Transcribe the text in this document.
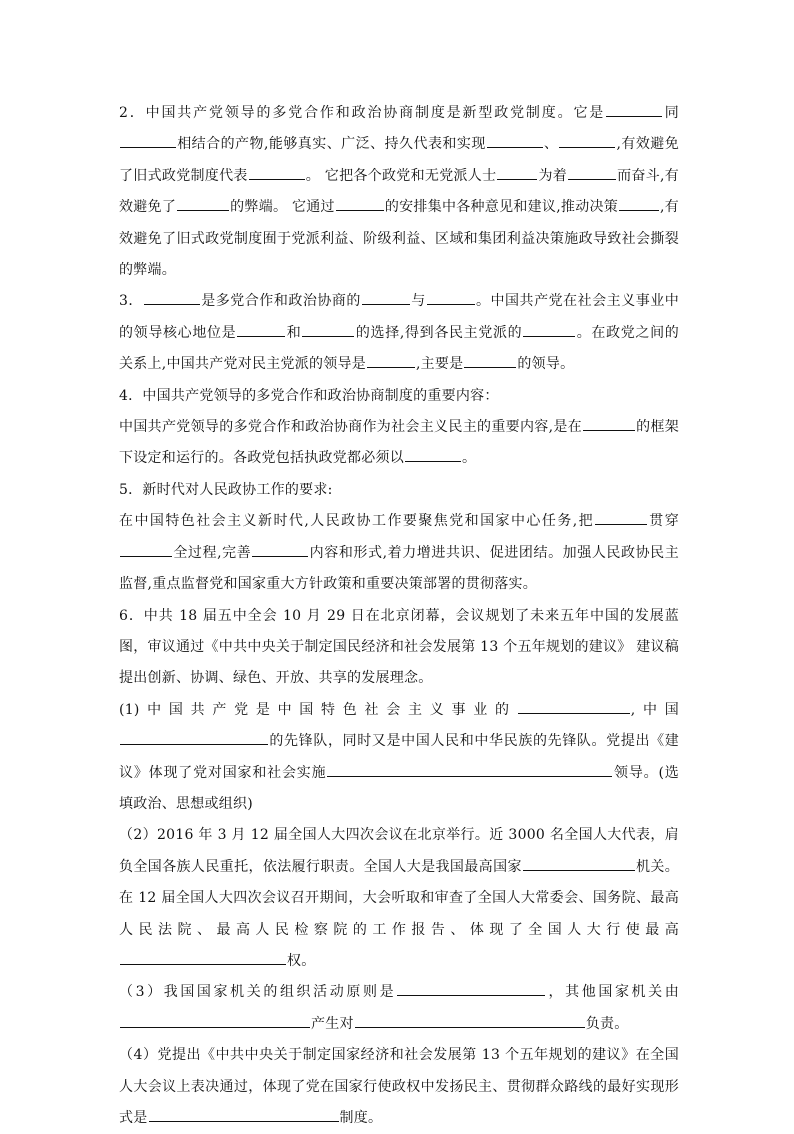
2．中国共产党领导的多党合作和政治协商制度是新型政党制度。它是	同相结合的产物,能够真实、广泛、持久代表和实现	、	,有效避免了旧式政党制度代表	。 它把各个政党和无党派人士	为着	而奋斗,有效避免了	的弊端。 它通过	的安排集中各种意见和建议,推动决策	,有效避免了旧式政党制度囿于党派利益、阶级利益、区域和集团利益决策施政导致社会撕裂的弊端。

3．	是多党合作和政治协商的	与	。中国共产党在社会主义事业中的领导核心地位是	和	的选择,得到各民主党派的	。在政党之间的关系上,中国共产党对民主党派的领导是	,主要是	的领导。

4．中国共产党领导的多党合作和政治协商制度的重要内容：

中国共产党领导的多党合作和政治协商作为社会主义民主的重要内容,是在	的框架下设定和运行的。各政党包括执政党都必须以	。

5．新时代对人民政协工作的要求:

在中国特色社会主义新时代,人民政协工作要聚焦党和国家中心任务,把	贯穿全过程,完善	内容和形式,着力增进共识、促进团结。加强人民政协民主监督,重点监督党和国家重大方针政策和重要决策部署的贯彻落实。

6．中共 18 届五中全会 10 月 29 日在北京闭幕，会议规划了未来五年中国的发展蓝图，审议通过《中共中央关于制定国民经济和社会发展第 13 个五年规划的建议》 建议稿提出创新、协调、绿色、开放、共享的发展理念。

(1)中国共产党是中国特色社会主义事业的	,中国的先锋队，同时又是中国人民和中华民族的先锋队。党提出《建议》体现了党对国家和社会实施	领导。(选填政治、思想或组织)

（2）2016 年 3 月 12 届全国人大四次会议在北京举行。近 3000 名全国人大代表，肩负全国各族人民重托，依法履行职责。全国人大是我国最高国家	机关。在 12 届全国人大四次会议召开期间，大会听取和审查了全国人大常委会、国务院、最高人民法院、最高人民检察院的工作报告、体现了全国人大行使最高权。

（3）我国国家机关的组织活动原则是	，其他国家机关由产生对	负责。

（4）党提出《中共中央关于制定国家经济和社会发展第 13 个五年规划的建议》在全国人大会议上表决通过，体现了党在国家行使政权中发扬民主、贯彻群众路线的最好实现形式是	制度。
